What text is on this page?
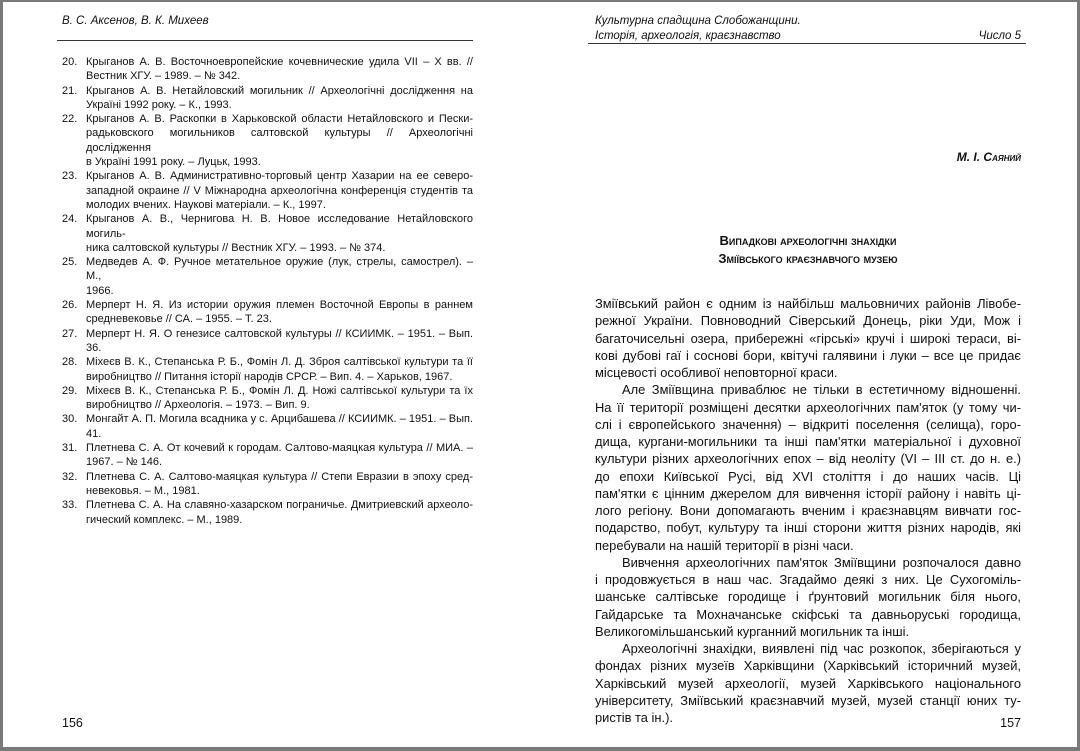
В. С. Аксенов, В. К. Михеев
20. Крыганов А. В. Восточноевропейские кочевнические удила VII – X вв. //
Вестник ХГУ. – 1989. – № 342.
21. Крыганов А. В. Нетайловский могильник // Археологічні дослідження на
Україні 1992 року. – К., 1993.
22. Крыганов А. В. Раскопки в Харьковской области Нетайловского и Пески-
радьковского могильников салтовской культуры // Археологічні дослідження
в Україні 1991 року. – Луцьк, 1993.
23. Крыганов А. В. Административно-торговый центр Хазарии на ее северо-
западной окраине // V Міжнародна археологічна конференція студентів та
молодих вчених. Наукові матеріали. – К., 1997.
24. Крыганов А. В., Чернигова Н. В. Новое исследование Нетайловского могиль-
ника салтовской культуры // Вестник ХГУ. – 1993. – № 374.
25. Медведев А. Ф. Ручное метательное оружие (лук, стрелы, самострел). – М.,
1966.
26. Мерперт Н. Я. Из истории оружия племен Восточной Европы в раннем
средневековье // СА. – 1955. – Т. 23.
27. Мерперт Н. Я. О генезисе салтовской культуры // КСИИМК. – 1951. – Вып. 36.
28. Міхеєв В. К., Степанська Р. Б., Фомін Л. Д. Зброя салтівської культури та її
виробництво // Питання історії народів СРСР. – Вип. 4. – Харьков, 1967.
29. Міхеєв В. К., Степанська Р. Б., Фомін Л. Д. Ножі салтівської культури та їх
виробництво // Археологія. – 1973. – Вип. 9.
30. Монгайт А. П. Могила всадника у с. Арцибашева // КСИИМК. – 1951. – Вып. 41.
31. Плетнева С. А. От кочевий к городам. Салтово-маяцкая культура // МИА. –
1967. – № 146.
32. Плетнева С. А. Салтово-маяцкая культура // Степи Евразии в эпоху сред-
невековья. – М., 1981.
33. Плетнева С. А. На славяно-хазарском пограничье. Дмитриевский археоло-
гический комплекс. – М., 1989.
156
Культурна спадщина Слобожанщини.
Історія, археологія, краєзнавство	Число 5
М. І. Саяний
Випадкові археологічні знахідки
Зміївського краєзнавчого музею
Зміївський район є одним із найбільш мальовничих районів Лівобе-
режної України. Повноводний Сіверський Донець, ріки Уди, Мож і
багаточисельні озера, прибережні «гірські» кручі і широкі тераси, ві-
кові дубові гаї і соснові бори, квітучі галявини і луки – все це придає
місцевості особливої неповторної краси.
Але Зміївщина приваблює не тільки в естетичному відношенні.
На її території розміщені десятки археологічних пам'яток (у тому чи-
слі і європейського значення) – відкриті поселення (селища), горо-
дища, кургани-могильники та інші пам'ятки матеріальної і духовної
культури різних археологічних епох – від неоліту (VI – III ст. до н. е.)
до епохи Київської Русі, від XVI століття і до наших часів. Ці
пам'ятки є цінним джерелом для вивчення історії району і навіть ці-
лого регіону. Вони допомагають вченим і краєзнавцям вивчати гос-
подарство, побут, культуру та інші сторони життя різних народів, які
перебували на нашій території в різні часи.
Вивчення археологічних пам'яток Зміївщини розпочалося давно
і продовжується в наш час. Згадаймо деякі з них. Це Сухогоміль-
шанське салтівське городище і ґрунтовий могильник біля нього,
Гайдарське та Мохначанське скіфські та давньоруські городища,
Великогомільшанський курганний могильник та інші.
Археологічні знахідки, виявлені під час розкопок, зберігаються у
фондах різних музеїв Харківщини (Харківський історичний музей,
Харківський музей археології, музей Харківського національного
університету, Зміївський краєзнавчий музей, музей станції юних ту-
ристів та ін.).	157
